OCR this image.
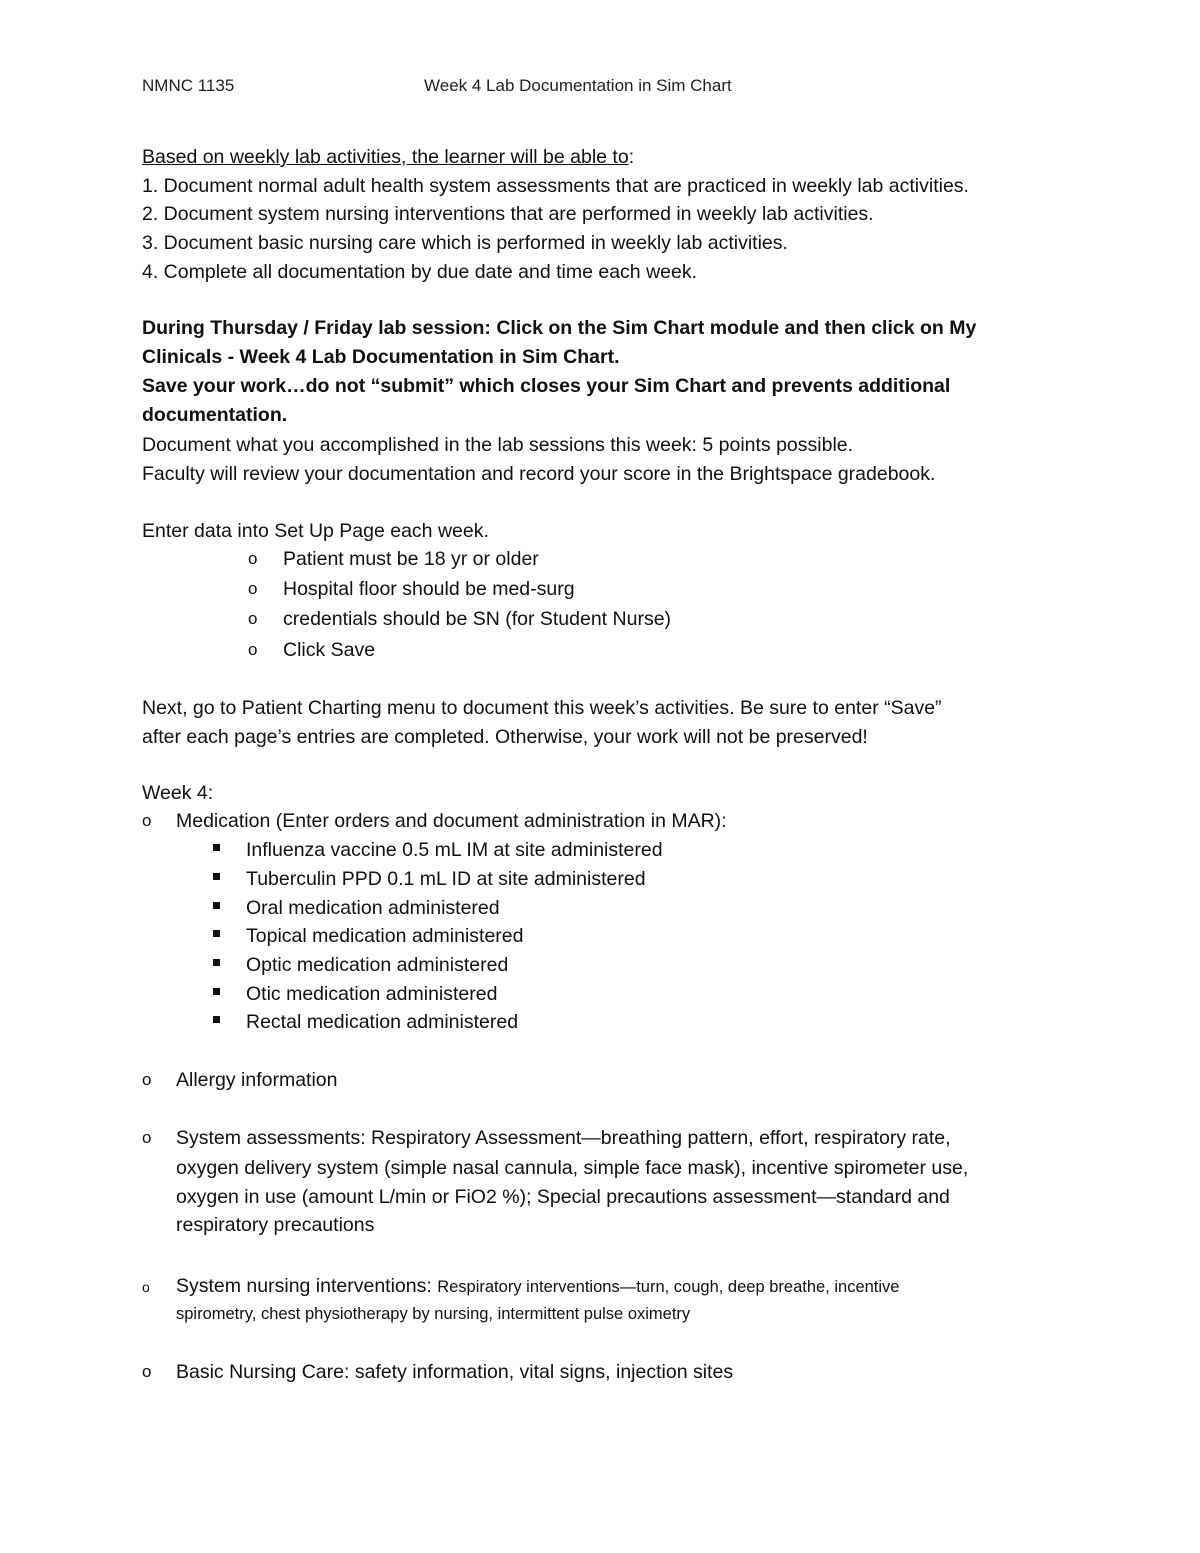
NMNC 1135	Week 4 Lab Documentation in Sim Chart
Based on weekly lab activities, the learner will be able to:
1. Document normal adult health system assessments that are practiced in weekly lab activities.
2. Document system nursing interventions that are performed in weekly lab activities.
3. Document basic nursing care which is performed in weekly lab activities.
4. Complete all documentation by due date and time each week.
During Thursday / Friday lab session: Click on the Sim Chart module and then click on My
Clinicals - Week 4 Lab Documentation in Sim Chart.
Save your work…do not “submit” which closes your Sim Chart and prevents additional
documentation.
Document what you accomplished in the lab sessions this week: 5 points possible.
Faculty will review your documentation and record your score in the Brightspace gradebook.
Enter data into Set Up Page each week.
o Patient must be 18 yr or older
o Hospital floor should be med-surg
o credentials should be SN (for Student Nurse)
o Click Save
Next, go to Patient Charting menu to document this week’s activities. Be sure to enter “Save”
after each page’s entries are completed. Otherwise, your work will not be preserved!
Week 4:
o Medication (Enter orders and document administration in MAR):
Influenza vaccine 0.5 mL IM at site administered
Tuberculin PPD 0.1 mL ID at site administered
Oral medication administered
Topical medication administered
Optic medication administered
Otic medication administered
Rectal medication administered
o Allergy information
o System assessments: Respiratory Assessment—breathing pattern, effort, respiratory rate,
oxygen delivery system (simple nasal cannula, simple face mask), incentive spirometer use,
oxygen in use (amount L/min or FiO2 %); Special precautions assessment—standard and
respiratory precautions
o System nursing interventions: Respiratory interventions—turn, cough, deep breathe, incentive
spirometry, chest physiotherapy by nursing, intermittent pulse oximetry
o Basic Nursing Care: safety information, vital signs, injection sites
